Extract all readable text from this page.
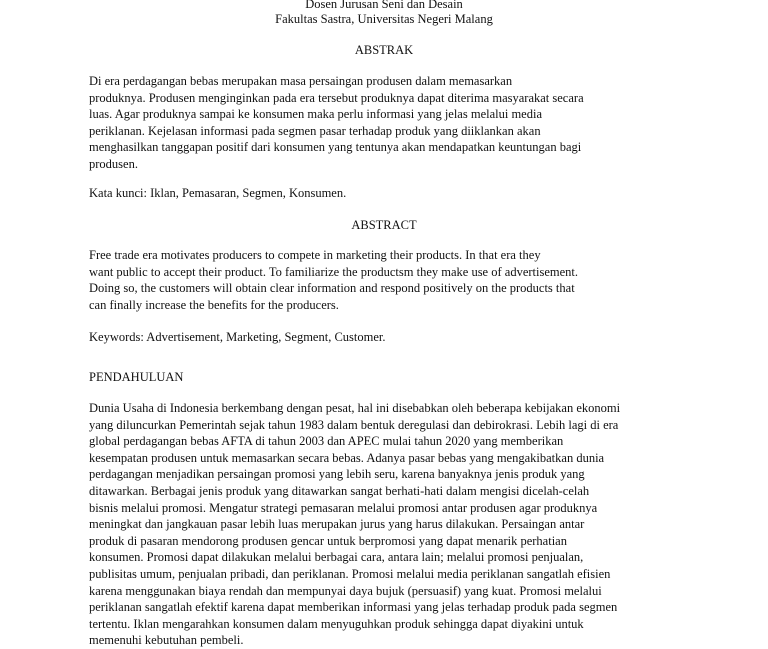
Dosen Jurusan Seni dan Desain
Fakultas Sastra, Universitas Negeri Malang
ABSTRAK
Di era perdagangan bebas merupakan masa persaingan produsen dalam memasarkan
produknya. Produsen menginginkan pada era tersebut produknya dapat diterima masyarakat secara
luas. Agar produknya sampai ke konsumen maka perlu informasi yang jelas melalui media
periklanan. Kejelasan informasi pada segmen pasar terhadap produk yang diiklankan akan
menghasilkan tanggapan positif dari konsumen yang tentunya akan mendapatkan keuntungan bagi
produsen.
Kata kunci: Iklan, Pemasaran, Segmen, Konsumen.
ABSTRACT
Free trade era motivates producers to compete in marketing their products. In that era they
want public to accept their product. To familiarize the productsm they make use of advertisement.
Doing so, the customers will obtain clear information and respond positively on the products that
can finally increase the benefits for the producers.
Keywords: Advertisement, Marketing, Segment, Customer.
PENDAHULUAN
Dunia Usaha di Indonesia berkembang dengan pesat, hal ini disebabkan oleh beberapa kebijakan ekonomi
yang diluncurkan Pemerintah sejak tahun 1983 dalam bentuk deregulasi dan debirokrasi. Lebih lagi di era
global perdagangan bebas AFTA di tahun 2003 dan APEC mulai tahun 2020 yang memberikan
kesempatan produsen untuk memasarkan secara bebas. Adanya pasar bebas yang mengakibatkan dunia
perdagangan menjadikan persaingan promosi yang lebih seru, karena banyaknya jenis produk yang
ditawarkan. Berbagai jenis produk yang ditawarkan sangat berhati-hati dalam mengisi dicelah-celah
bisnis melalui promosi. Mengatur strategi pemasaran melalui promosi antar produsen agar produknya
meningkat dan jangkauan pasar lebih luas merupakan jurus yang harus dilakukan. Persaingan antar
produk di pasaran mendorong produsen gencar untuk berpromosi yang dapat menarik perhatian
konsumen. Promosi dapat dilakukan melalui berbagai cara, antara lain; melalui promosi penjualan,
publisitas umum, penjualan pribadi, dan periklanan. Promosi melalui media periklanan sangatlah efisien
karena menggunakan biaya rendah dan mempunyai daya bujuk (persuasif) yang kuat. Promosi melalui
periklanan sangatlah efektif karena dapat memberikan informasi yang jelas terhadap produk pada segmen
tertentu. Iklan mengarahkan konsumen dalam menyuguhkan produk sehingga dapat diyakini untuk
memenuhi kebutuhan pembeli.
